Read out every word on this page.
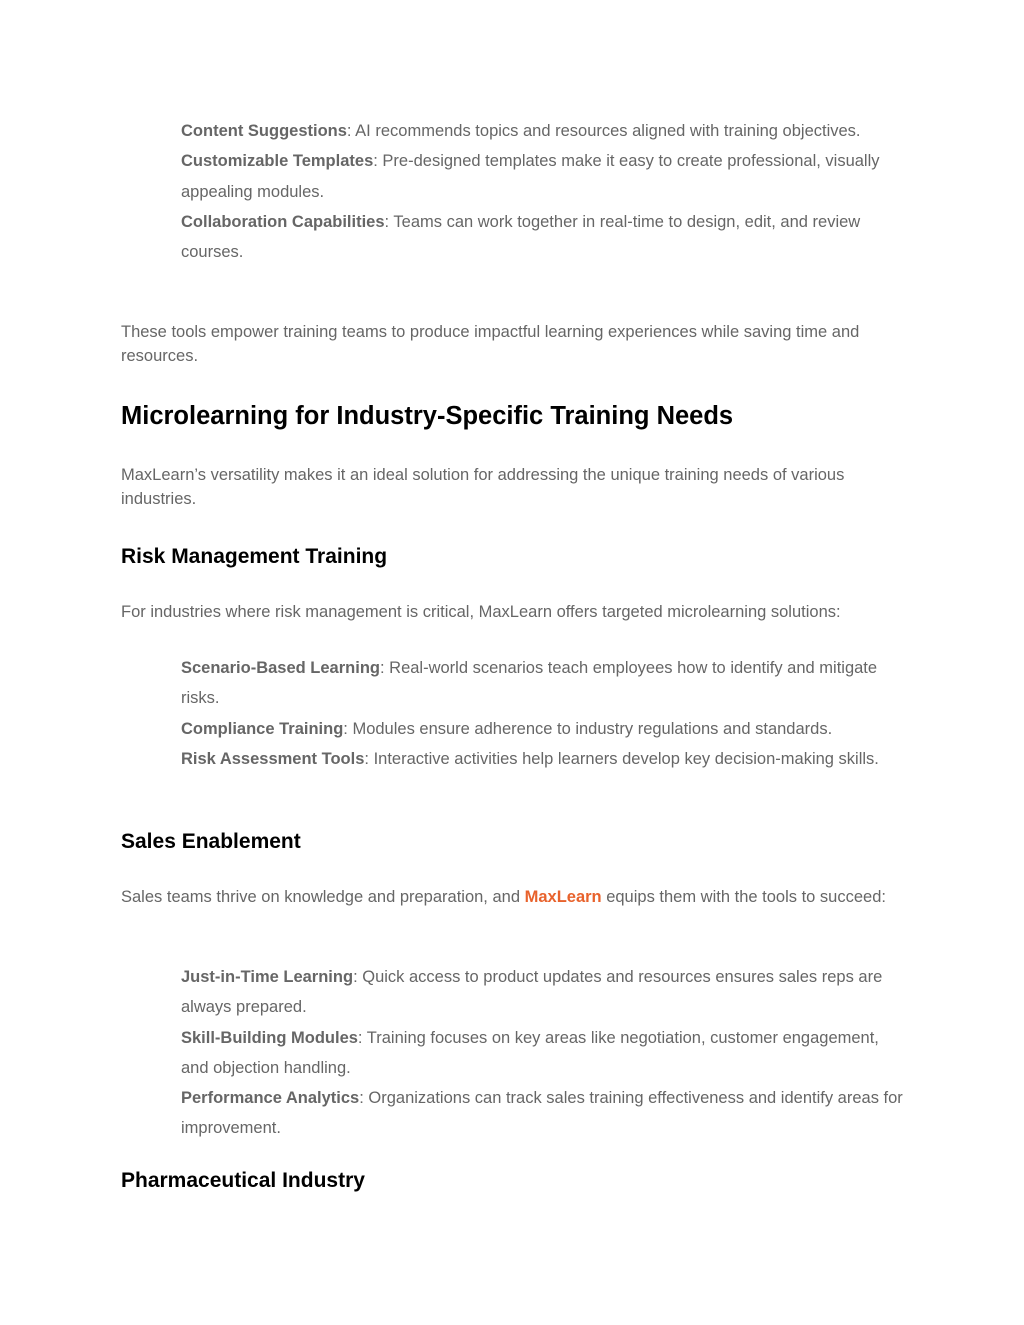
Content Suggestions: AI recommends topics and resources aligned with training objectives.
Customizable Templates: Pre-designed templates make it easy to create professional, visually appealing modules.
Collaboration Capabilities: Teams can work together in real-time to design, edit, and review courses.

These tools empower training teams to produce impactful learning experiences while saving time and resources.

Microlearning for Industry-Specific Training Needs

MaxLearn’s versatility makes it an ideal solution for addressing the unique training needs of various industries.

Risk Management Training

For industries where risk management is critical, MaxLearn offers targeted microlearning solutions:

Scenario-Based Learning: Real-world scenarios teach employees how to identify and mitigate risks.
Compliance Training: Modules ensure adherence to industry regulations and standards.
Risk Assessment Tools: Interactive activities help learners develop key decision-making skills.
Sales Enablement

Sales teams thrive on knowledge and preparation, and MaxLearn equips them with the tools to succeed:

Just-in-Time Learning: Quick access to product updates and resources ensures sales reps are always prepared.
Skill-Building Modules: Training focuses on key areas like negotiation, customer engagement, and objection handling.
Performance Analytics: Organizations can track sales training effectiveness and identify areas for improvement.
Pharmaceutical Industry
